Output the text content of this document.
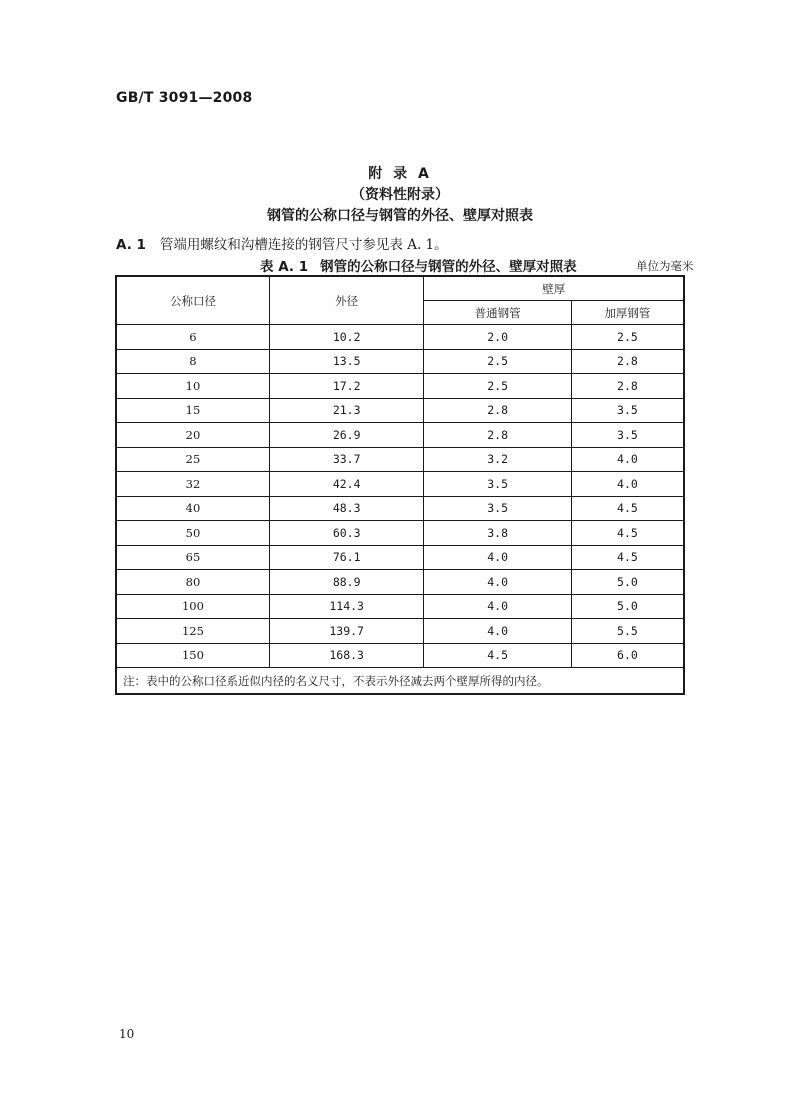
GB/T 3091—2008
附 录 A
（资料性附录）
钢管的公称口径与钢管的外径、壁厚对照表
A. 1 管端用螺纹和沟槽连接的钢管尺寸参见表 A. 1。
表 A. 1 钢管的公称口径与钢管的外径、壁厚对照表	单位为毫米
公称口径	外径	壁厚	
		普通钢管	加厚钢管
6	10.2	2.0	2.5
8	13.5	2.5	2.8
10	17.2	2.5	2.8
15	21.3	2.8	3.5
20	26.9	2.8	3.5
25	33.7	3.2	4.0
32	42.4	3.5	4.0
40	48.3	3.5	4.5
50	60.3	3.8	4.5
65	76.1	4.0	4.5
80	88.9	4.0	5.0
100	114.3	4.0	5.0
125	139.7	4.0	5.5
150	168.3	4.5	6.0
注：表中的公称口径系近似内径的名义尺寸，不表示外径减去两个壁厚所得的内径。			
10
